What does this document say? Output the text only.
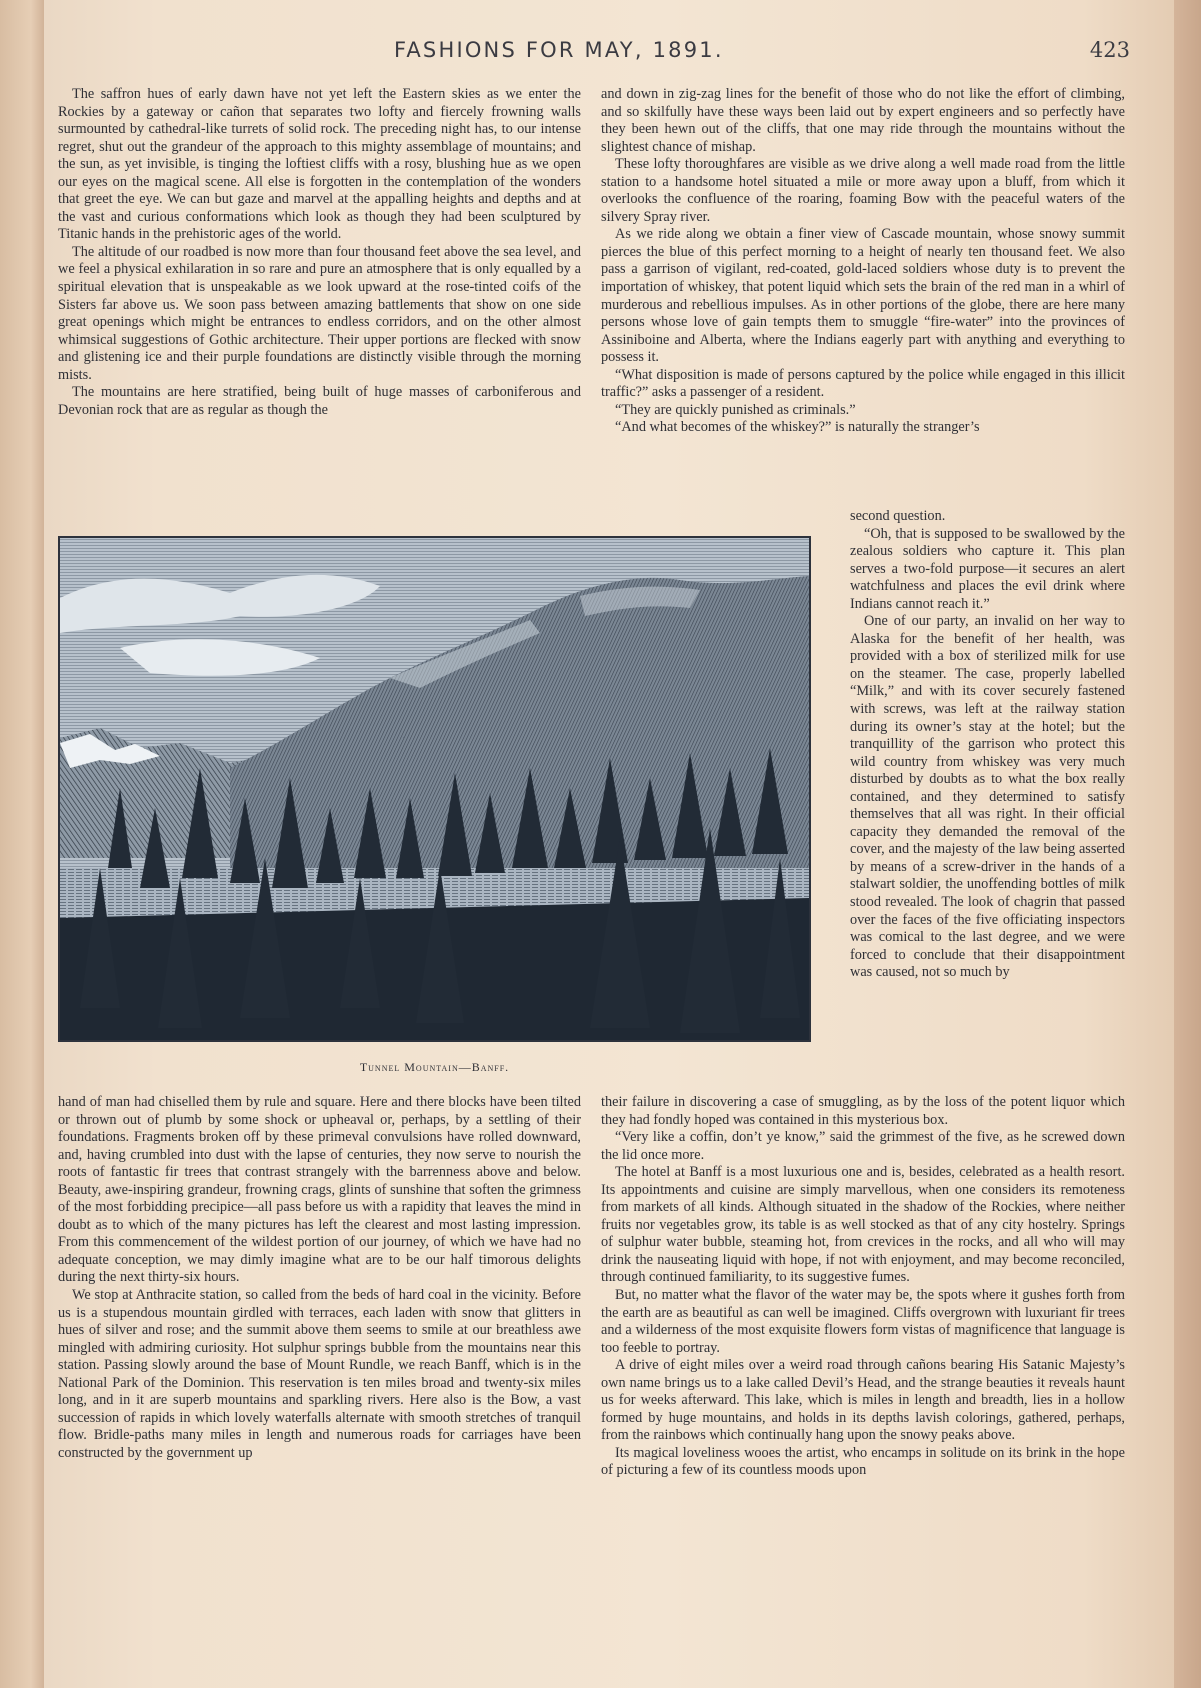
FASHIONS FOR MAY, 1891.	423

The saffron hues of early dawn have not yet left the Eastern skies as we enter the Rockies by a gateway or cañon that separates two lofty and fiercely frowning walls surmounted by cathedral-like turrets of solid rock. The preceding night has, to our intense regret, shut out the grandeur of the approach to this mighty assemblage of mountains; and the sun, as yet invisible, is tinging the loftiest cliffs with a rosy, blushing hue as we open our eyes on the magical scene. All else is forgotten in the contemplation of the wonders that greet the eye. We can but gaze and marvel at the appalling heights and depths and at the vast and curious conformations which look as though they had been sculptured by Titanic hands in the prehistoric ages of the world.

The altitude of our roadbed is now more than four thousand feet above the sea level, and we feel a physical exhilaration in so rare and pure an atmosphere that is only equalled by a spiritual elevation that is unspeakable as we look upward at the rose-tinted coifs of the Sisters far above us. We soon pass between amazing battlements that show on one side great openings which might be entrances to endless corridors, and on the other almost whimsical suggestions of Gothic architecture. Their upper portions are flecked with snow and glistening ice and their purple foundations are distinctly visible through the morning mists.

The mountains are here stratified, being built of huge masses of carboniferous and Devonian rock that are as regular as though the

and down in zig-zag lines for the benefit of those who do not like the effort of climbing, and so skilfully have these ways been laid out by expert engineers and so perfectly have they been hewn out of the cliffs, that one may ride through the mountains without the slightest chance of mishap.

These lofty thoroughfares are visible as we drive along a well made road from the little station to a handsome hotel situated a mile or more away upon a bluff, from which it overlooks the confluence of the roaring, foaming Bow with the peaceful waters of the silvery Spray river.

As we ride along we obtain a finer view of Cascade mountain, whose snowy summit pierces the blue of this perfect morning to a height of nearly ten thousand feet. We also pass a garrison of vigilant, red-coated, gold-laced soldiers whose duty is to prevent the importation of whiskey, that potent liquid which sets the brain of the red man in a whirl of murderous and rebellious impulses. As in other portions of the globe, there are here many persons whose love of gain tempts them to smuggle “fire-water” into the provinces of Assiniboine and Alberta, where the Indians eagerly part with anything and everything to possess it.

“What disposition is made of persons captured by the police while engaged in this illicit traffic?” asks a passenger of a resident.

“They are quickly punished as criminals.”

“And what becomes of the whiskey?” is naturally the stranger’s

Tunnel Mountain—Banff.

second question.

“Oh, that is supposed to be swallowed by the zealous soldiers who capture it. This plan serves a two-fold purpose—it secures an alert watchfulness and places the evil drink where Indians cannot reach it.”

One of our party, an invalid on her way to Alaska for the benefit of her health, was provided with a box of sterilized milk for use on the steamer. The case, properly labelled “Milk,” and with its cover securely fastened with screws, was left at the railway station during its owner’s stay at the hotel; but the tranquillity of the garrison who protect this wild country from whiskey was very much disturbed by doubts as to what the box really contained, and they determined to satisfy themselves that all was right. In their official capacity they demanded the removal of the cover, and the majesty of the law being asserted by means of a screw-driver in the hands of a stalwart soldier, the unoffending bottles of milk stood revealed. The look of chagrin that passed over the faces of the five officiating inspectors was comical to the last degree, and we were forced to conclude that their disappointment was caused, not so much by

hand of man had chiselled them by rule and square. Here and there blocks have been tilted or thrown out of plumb by some shock or upheaval or, perhaps, by a settling of their foundations. Fragments broken off by these primeval convulsions have rolled downward, and, having crumbled into dust with the lapse of centuries, they now serve to nourish the roots of fantastic fir trees that contrast strangely with the barrenness above and below. Beauty, awe-inspiring grandeur, frowning crags, glints of sunshine that soften the grimness of the most forbidding precipice—all pass before us with a rapidity that leaves the mind in doubt as to which of the many pictures has left the clearest and most lasting impression. From this commencement of the wildest portion of our journey, of which we have had no adequate conception, we may dimly imagine what are to be our half timorous delights during the next thirty-six hours.

We stop at Anthracite station, so called from the beds of hard coal in the vicinity. Before us is a stupendous mountain girdled with terraces, each laden with snow that glitters in hues of silver and rose; and the summit above them seems to smile at our breathless awe mingled with admiring curiosity. Hot sulphur springs bubble from the mountains near this station. Passing slowly around the base of Mount Rundle, we reach Banff, which is in the National Park of the Dominion. This reservation is ten miles broad and twenty-six miles long, and in it are superb mountains and sparkling rivers. Here also is the Bow, a vast succession of rapids in which lovely waterfalls alternate with smooth stretches of tranquil flow. Bridle-paths many miles in length and numerous roads for carriages have been constructed by the government up

their failure in discovering a case of smuggling, as by the loss of the potent liquor which they had fondly hoped was contained in this mysterious box.

“Very like a coffin, don’t ye know,” said the grimmest of the five, as he screwed down the lid once more.

The hotel at Banff is a most luxurious one and is, besides, celebrated as a health resort. Its appointments and cuisine are simply marvellous, when one considers its remoteness from markets of all kinds. Although situated in the shadow of the Rockies, where neither fruits nor vegetables grow, its table is as well stocked as that of any city hostelry. Springs of sulphur water bubble, steaming hot, from crevices in the rocks, and all who will may drink the nauseating liquid with hope, if not with enjoyment, and may become reconciled, through continued familiarity, to its suggestive fumes.

But, no matter what the flavor of the water may be, the spots where it gushes forth from the earth are as beautiful as can well be imagined. Cliffs overgrown with luxuriant fir trees and a wilderness of the most exquisite flowers form vistas of magnificence that language is too feeble to portray.

A drive of eight miles over a weird road through cañons bearing His Satanic Majesty’s own name brings us to a lake called Devil’s Head, and the strange beauties it reveals haunt us for weeks afterward. This lake, which is miles in length and breadth, lies in a hollow formed by huge mountains, and holds in its depths lavish colorings, gathered, perhaps, from the rainbows which continually hang upon the snowy peaks above.

Its magical loveliness wooes the artist, who encamps in solitude on its brink in the hope of picturing a few of its countless moods upon
